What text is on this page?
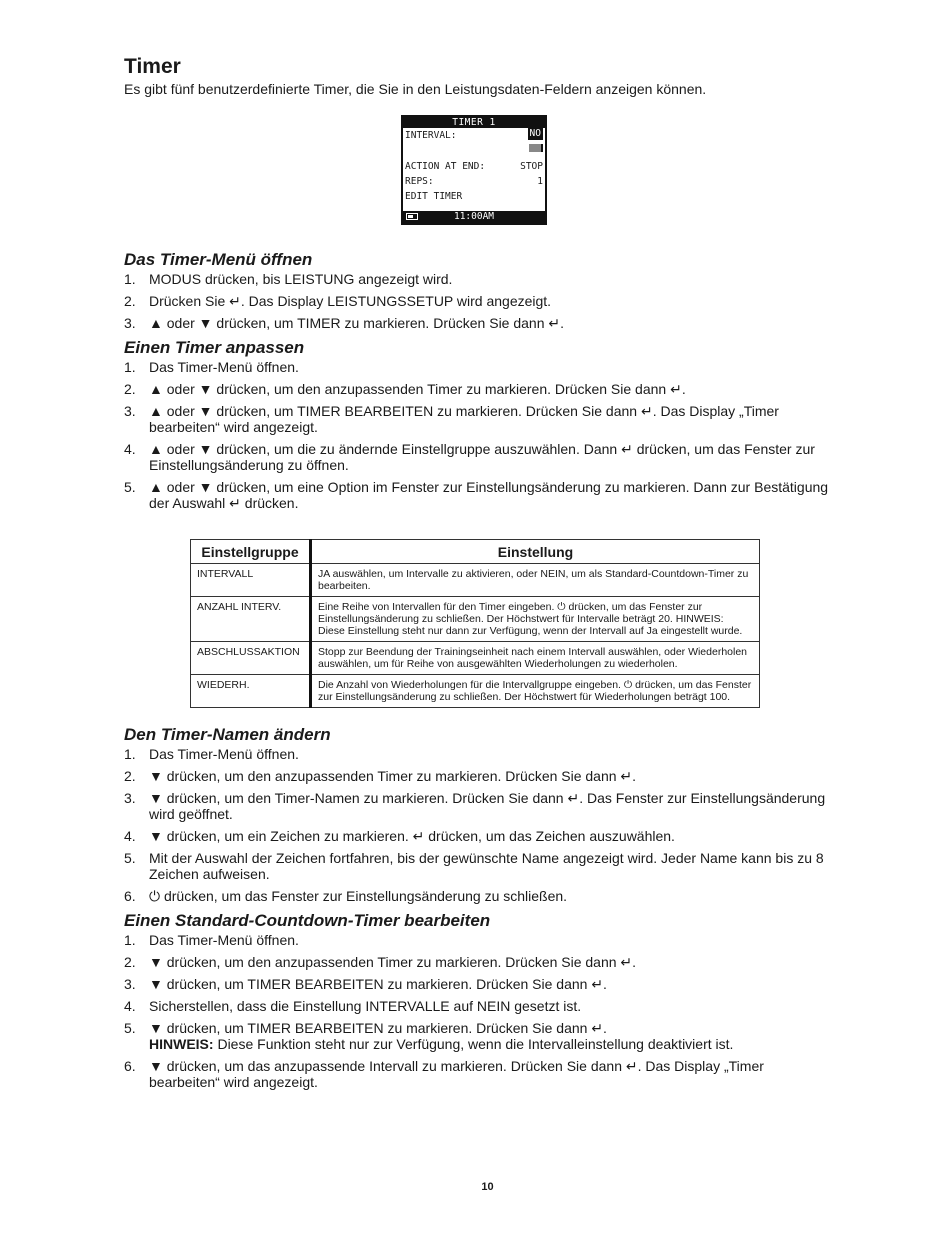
Timer

Es gibt fünf benutzerdefinierte Timer, die Sie in den Leistungsdaten-Feldern anzeigen können.

TIMER 1
INTERVAL:	NO
ACTION AT END:	STOP
REPS:	1
EDIT TIMER
11:00AM
Das Timer-Menü öffnen
1. MODUS drücken, bis LEISTUNG angezeigt wird.
2. Drücken Sie ↵. Das Display LEISTUNGSSETUP wird angezeigt.
3. ▲ oder ▼ drücken, um TIMER zu markieren. Drücken Sie dann ↵.
Einen Timer anpassen
1. Das Timer-Menü öffnen.
2. ▲ oder ▼ drücken, um den anzupassenden Timer zu markieren. Drücken Sie dann ↵.
3. ▲ oder ▼ drücken, um TIMER BEARBEITEN zu markieren. Drücken Sie dann ↵. Das Display „Timer bearbeiten“ wird angezeigt.
4. ▲ oder ▼ drücken, um die zu ändernde Einstellgruppe auszuwählen. Dann ↵ drücken, um das Fenster zur Einstellungsänderung zu öffnen.
5. ▲ oder ▼ drücken, um eine Option im Fenster zur Einstellungsänderung zu markieren. Dann zur Bestätigung der Auswahl ↵ drücken.
Einstellgruppe	Einstellung
INTERVALL	JA auswählen, um Intervalle zu aktivieren, oder NEIN, um als Standard-Countdown-Timer zu bearbeiten.
ANZAHL INTERV.	Eine Reihe von Intervallen für den Timer eingeben. ⏻ drücken, um das Fenster zur Einstellungsänderung zu schließen. Der Höchstwert für Intervalle beträgt 20. HINWEIS: Diese Einstellung steht nur dann zur Verfügung, wenn der Intervall auf Ja eingestellt wurde.
ABSCHLUSSAKTION	Stopp zur Beendung der Trainingseinheit nach einem Intervall auswählen, oder Wiederholen auswählen, um für Reihe von ausgewählten Wiederholungen zu wiederholen.
WIEDERH.	Die Anzahl von Wiederholungen für die Intervallgruppe eingeben. ⏻ drücken, um das Fenster zur Einstellungsänderung zu schließen. Der Höchstwert für Wiederholungen beträgt 100.
Den Timer-Namen ändern
1. Das Timer-Menü öffnen.
2. ▼ drücken, um den anzupassenden Timer zu markieren. Drücken Sie dann ↵.
3. ▼ drücken, um den Timer-Namen zu markieren. Drücken Sie dann ↵. Das Fenster zur Einstellungsänderung wird geöffnet.
4. ▼ drücken, um ein Zeichen zu markieren. ↵ drücken, um das Zeichen auszuwählen.
5. Mit der Auswahl der Zeichen fortfahren, bis der gewünschte Name angezeigt wird. Jeder Name kann bis zu 8 Zeichen aufweisen.
6. ⏻ drücken, um das Fenster zur Einstellungsänderung zu schließen.
Einen Standard-Countdown-Timer bearbeiten
1. Das Timer-Menü öffnen.
2. ▼ drücken, um den anzupassenden Timer zu markieren. Drücken Sie dann ↵.
3. ▼ drücken, um TIMER BEARBEITEN zu markieren. Drücken Sie dann ↵.
4. Sicherstellen, dass die Einstellung INTERVALLE auf NEIN gesetzt ist.
5. ▼ drücken, um TIMER BEARBEITEN zu markieren. Drücken Sie dann ↵.
HINWEIS: Diese Funktion steht nur zur Verfügung, wenn die Intervalleinstellung deaktiviert ist.
6. ▼ drücken, um das anzupassende Intervall zu markieren. Drücken Sie dann ↵. Das Display „Timer bearbeiten“ wird angezeigt.
10
